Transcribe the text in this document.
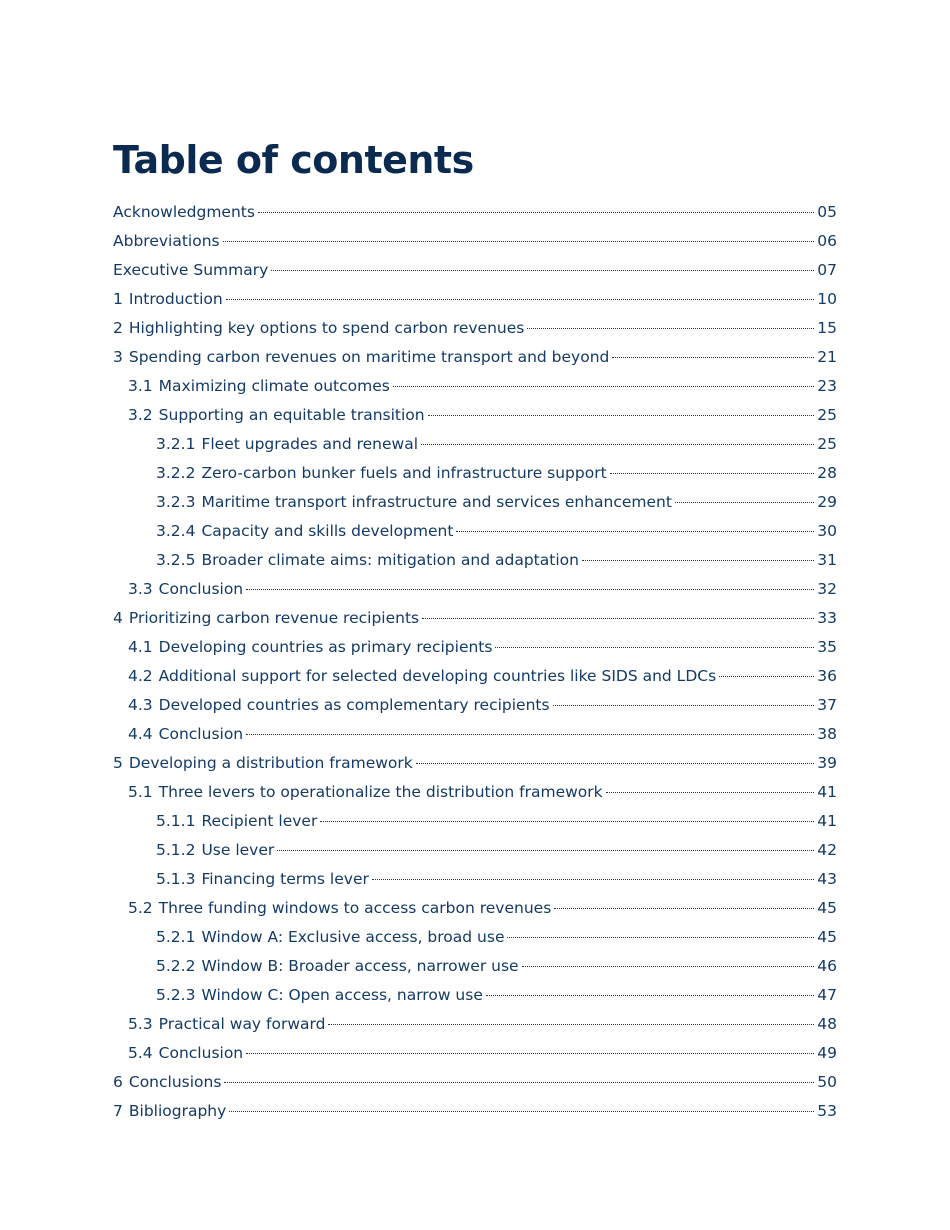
Table of contents
Acknowledgments	05
Abbreviations	06
Executive Summary	07
1 Introduction	10
2 Highlighting key options to spend carbon revenues	15
3 Spending carbon revenues on maritime transport and beyond	21
3.1 Maximizing climate outcomes	23
3.2 Supporting an equitable transition	25
3.2.1 Fleet upgrades and renewal	25
3.2.2 Zero-carbon bunker fuels and infrastructure support	28
3.2.3 Maritime transport infrastructure and services enhancement	29
3.2.4 Capacity and skills development	30
3.2.5 Broader climate aims: mitigation and adaptation	31
3.3 Conclusion	32
4 Prioritizing carbon revenue recipients	33
4.1 Developing countries as primary recipients	35
4.2 Additional support for selected developing countries like SIDS and LDCs	36
4.3 Developed countries as complementary recipients	37
4.4 Conclusion	38
5 Developing a distribution framework	39
5.1 Three levers to operationalize the distribution framework	41
5.1.1 Recipient lever	41
5.1.2 Use lever	42
5.1.3 Financing terms lever	43
5.2 Three funding windows to access carbon revenues	45
5.2.1 Window A: Exclusive access, broad use	45
5.2.2 Window B: Broader access, narrower use	46
5.2.3 Window C: Open access, narrow use	47
5.3 Practical way forward	48
5.4 Conclusion	49
6 Conclusions	50
7 Bibliography	53
